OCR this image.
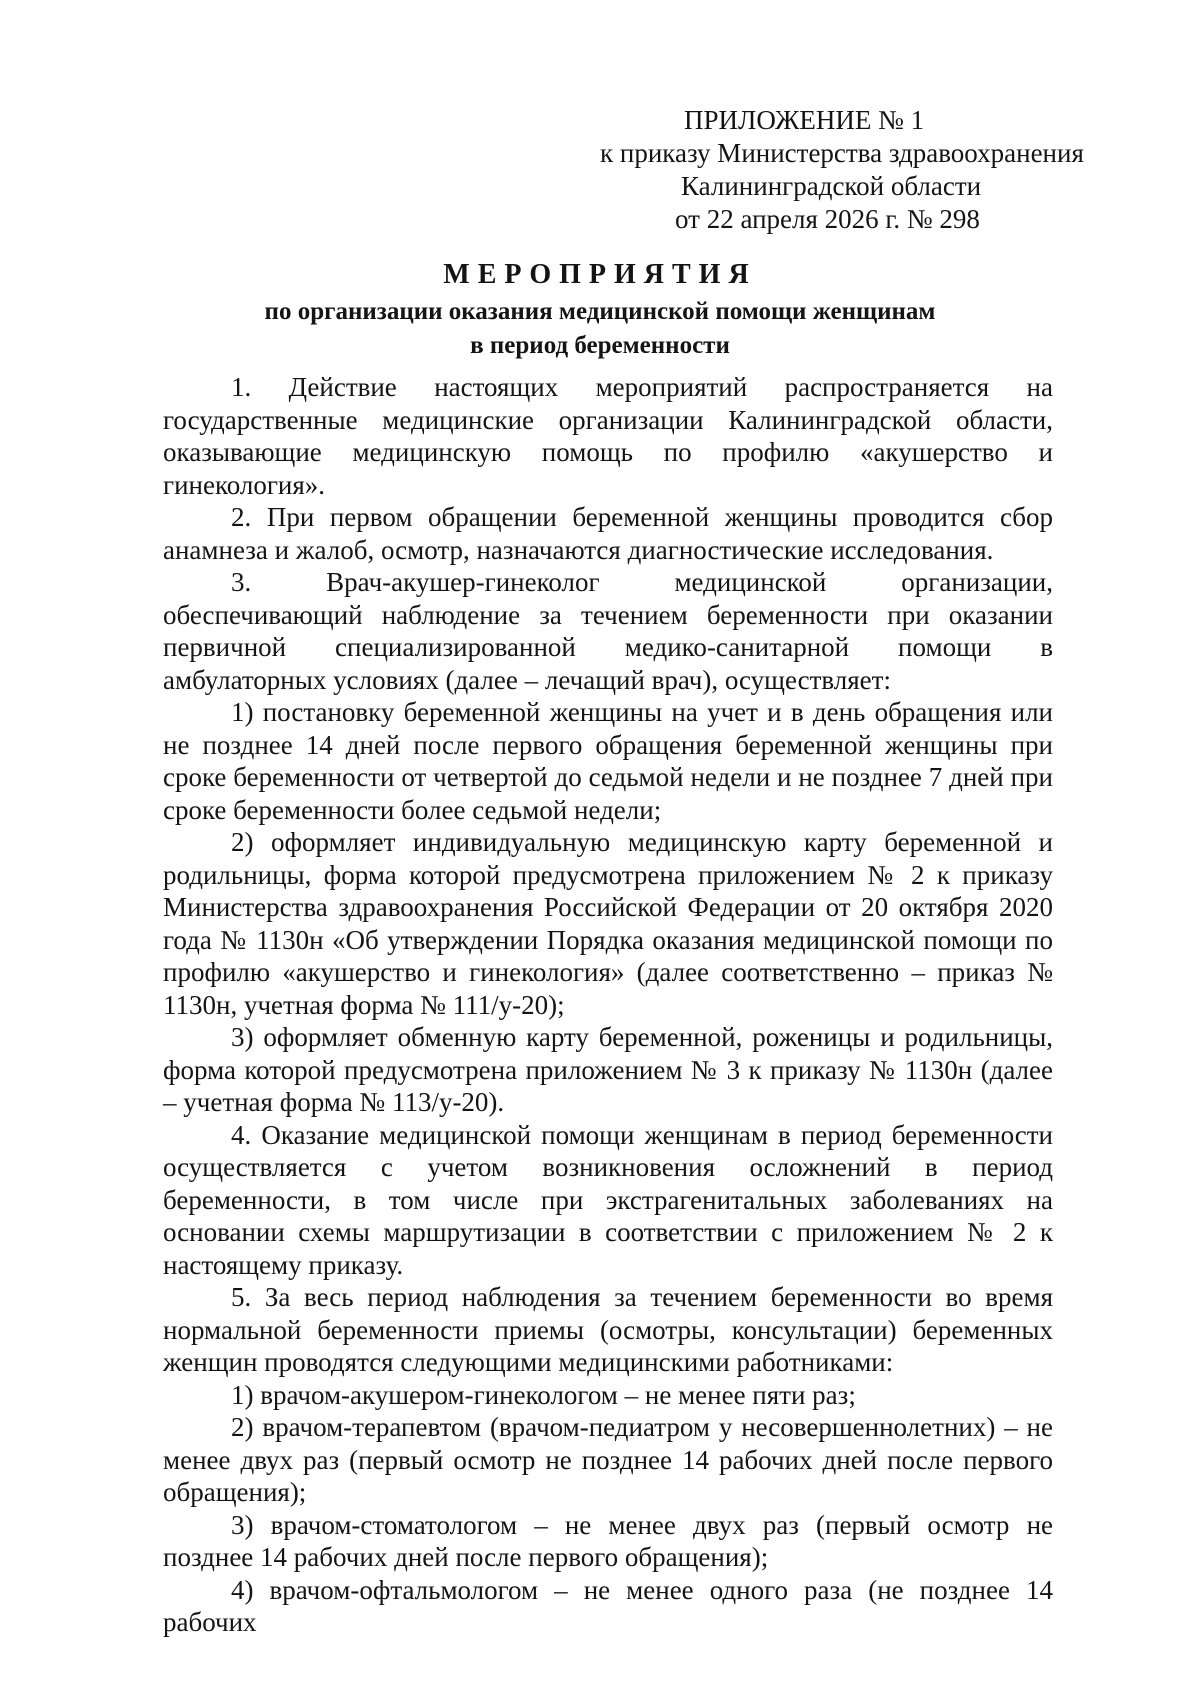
ПРИЛОЖЕНИЕ № 1
к приказу Министерства здравоохранения
Калининградской области
от 22 апреля 2026 г. № 298
МЕРОПРИЯТИЯ
по организации оказания медицинской помощи женщинам
в период беременности

1. Действие настоящих мероприятий распространяется на государственные медицинские организации Калининградской области, оказывающие медицинскую помощь по профилю «акушерство и гинекология».

2. При первом обращении беременной женщины проводится сбор анамнеза и жалоб, осмотр, назначаются диагностические исследования.

3. Врач-акушер-гинеколог медицинской организации, обеспечивающий наблюдение за течением беременности при оказании первичной специализированной медико-санитарной помощи в амбулаторных условиях (далее – лечащий врач), осуществляет:

1) постановку беременной женщины на учет и в день обращения или не позднее 14 дней после первого обращения беременной женщины при сроке беременности от четвертой до седьмой недели и не позднее 7 дней при сроке беременности более седьмой недели;

2) оформляет индивидуальную медицинскую карту беременной и родильницы, форма которой предусмотрена приложением № 2 к приказу Министерства здравоохранения Российской Федерации от 20 октября 2020 года № 1130н «Об утверждении Порядка оказания медицинской помощи по профилю «акушерство и гинекология» (далее соответственно – приказ № 1130н, учетная форма № 111/у-20);

3) оформляет обменную карту беременной, роженицы и родильницы, форма которой предусмотрена приложением № 3 к приказу № 1130н (далее – учетная форма № 113/у-20).

4. Оказание медицинской помощи женщинам в период беременности осуществляется с учетом возникновения осложнений в период беременности, в том числе при экстрагенитальных заболеваниях на основании схемы маршрутизации в соответствии с приложением № 2 к настоящему приказу.

5. За весь период наблюдения за течением беременности во время нормальной беременности приемы (осмотры, консультации) беременных женщин проводятся следующими медицинскими работниками:

1) врачом-акушером-гинекологом – не менее пяти раз;

2) врачом-терапевтом (врачом-педиатром у несовершеннолетних) – не менее двух раз (первый осмотр не позднее 14 рабочих дней после первого обращения);

3) врачом-стоматологом – не менее двух раз (первый осмотр не позднее 14 рабочих дней после первого обращения);

4) врачом-офтальмологом – не менее одного раза (не позднее 14 рабочих
